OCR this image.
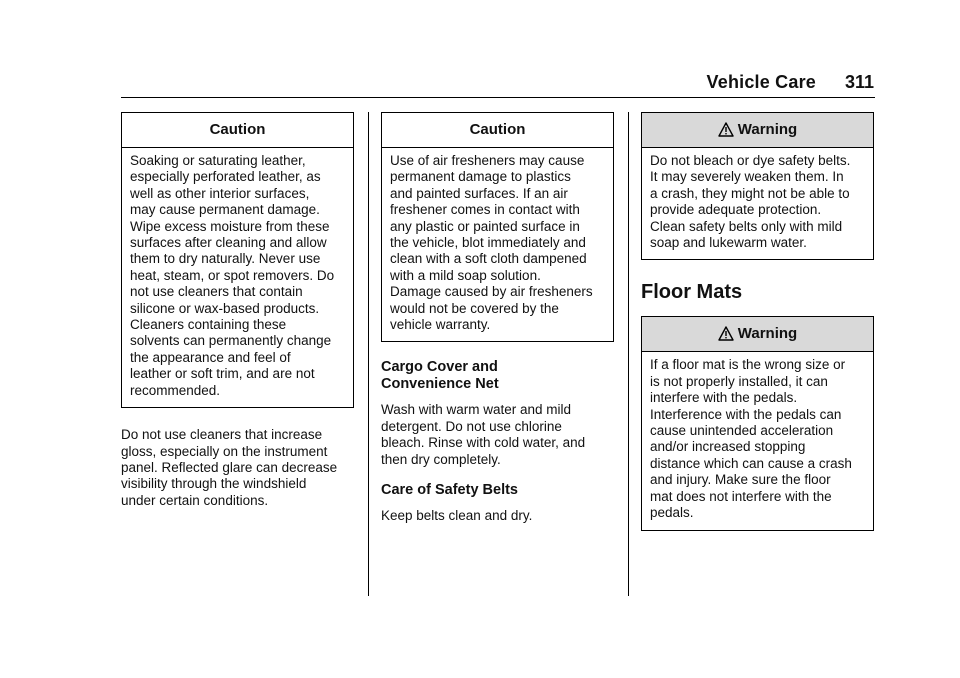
Vehicle Care 311
Caution
Soaking or saturating leather,
especially perforated leather, as
well as other interior surfaces,
may cause permanent damage.
Wipe excess moisture from these
surfaces after cleaning and allow
them to dry naturally. Never use
heat, steam, or spot removers. Do
not use cleaners that contain
silicone or wax-based products.
Cleaners containing these
solvents can permanently change
the appearance and feel of
leather or soft trim, and are not
recommended.
Do not use cleaners that increase
gloss, especially on the instrument
panel. Reflected glare can decrease
visibility through the windshield
under certain conditions.
Caution
Use of air fresheners may cause
permanent damage to plastics
and painted surfaces. If an air
freshener comes in contact with
any plastic or painted surface in
the vehicle, blot immediately and
clean with a soft cloth dampened
with a mild soap solution.
Damage caused by air fresheners
would not be covered by the
vehicle warranty.
Cargo Cover and
Convenience Net
Wash with warm water and mild
detergent. Do not use chlorine
bleach. Rinse with cold water, and
then dry completely.
Care of Safety Belts
Keep belts clean and dry.
Warning
Do not bleach or dye safety belts.
It may severely weaken them. In
a crash, they might not be able to
provide adequate protection.
Clean safety belts only with mild
soap and lukewarm water.
Floor Mats
Warning
If a floor mat is the wrong size or
is not properly installed, it can
interfere with the pedals.
Interference with the pedals can
cause unintended acceleration
and/or increased stopping
distance which can cause a crash
and injury. Make sure the floor
mat does not interfere with the
pedals.
